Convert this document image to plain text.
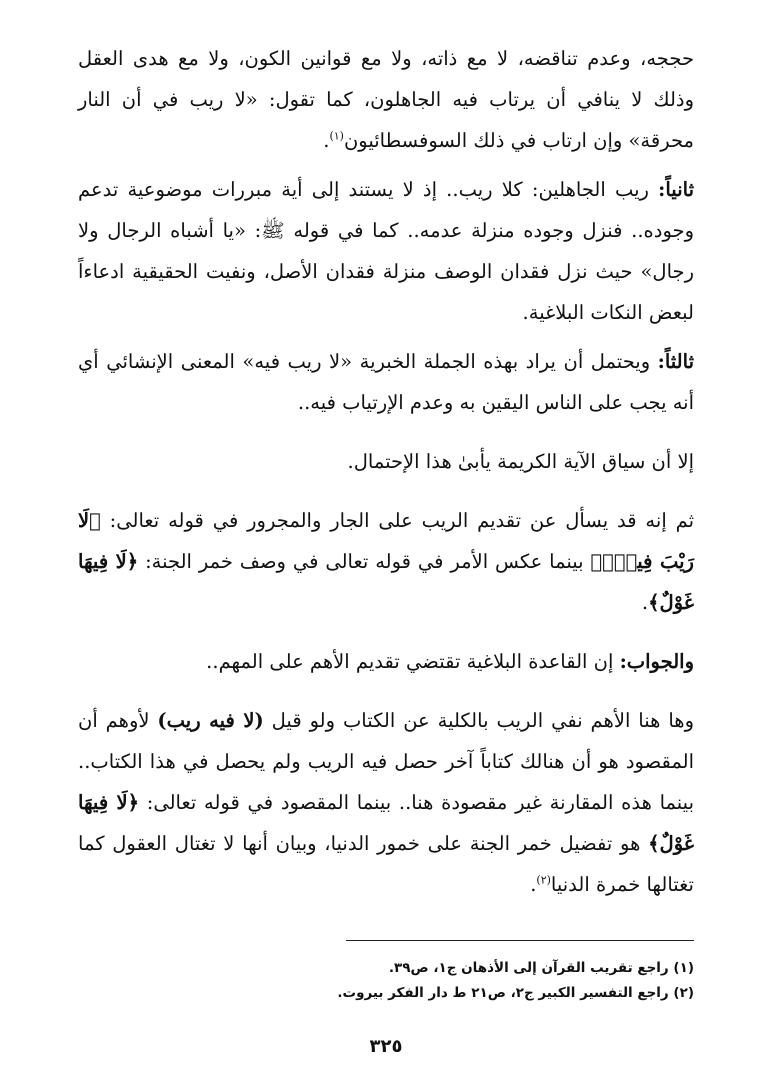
حججه، وعدم تناقضه، لا مع ذاته، ولا مع قوانين الكون، ولا مع هدى العقل وذلك لا ينافي أن يرتاب فيه الجاهلون، كما تقول: «لا ريب في أن النار محرقة» وإن ارتاب في ذلك السوفسطائيون$^{(١)}$.

ثانياً: ريب الجاهلين: كلا ريب.. إذ لا يستند إلى أية مبررات موضوعية تدعم وجوده.. فنزل وجوده منزلة عدمه.. كما في قوله ﷺ: «يا أشباه الرجال ولا رجال» حيث نزل فقدان الوصف منزلة فقدان الأصل، ونفيت الحقيقية ادعاءاً لبعض النكات البلاغية.

ثالثاً: ويحتمل أن يراد بهذه الجملة الخبرية «لا ريب فيه» المعنى الإنشائي أي أنه يجب على الناس اليقين به وعدم الإرتياب فيه..

إلا أن سياق الآية الكريمة يأبىٰ هذا الإحتمال.

ثم إنه قد يسأل عن تقديم الريب على الجار والمجرور في قوله تعالى: ﴿لَا رَيْبَ فِيهِۛ﴾ بينما عكس الأمر في قوله تعالى في وصف خمر الجنة: ﴿لَا فِيهَا غَوْلٌ﴾.

والجواب: إن القاعدة البلاغية تقتضي تقديم الأهم على المهم..

وها هنا الأهم نفي الريب بالكلية عن الكتاب ولو قيل (لا فيه ريب) لأوهم أن المقصود هو أن هنالك كتاباً آخر حصل فيه الريب ولم يحصل في هذا الكتاب.. بينما هذه المقارنة غير مقصودة هنا.. بينما المقصود في قوله تعالى: ﴿لَا فِيهَا غَوْلٌ﴾ هو تفضيل خمر الجنة على خمور الدنيا، وبيان أنها لا تغتال العقول كما تغتالها خمرة الدنيا$^{(٢)}$.

(١) راجع تقريب القرآن إلى الأذهان ج١، ص٣٩.
(٢) راجع التفسير الكبير ج٢، ص٢١ ط دار الفكر بيروت.
٣٢٥
